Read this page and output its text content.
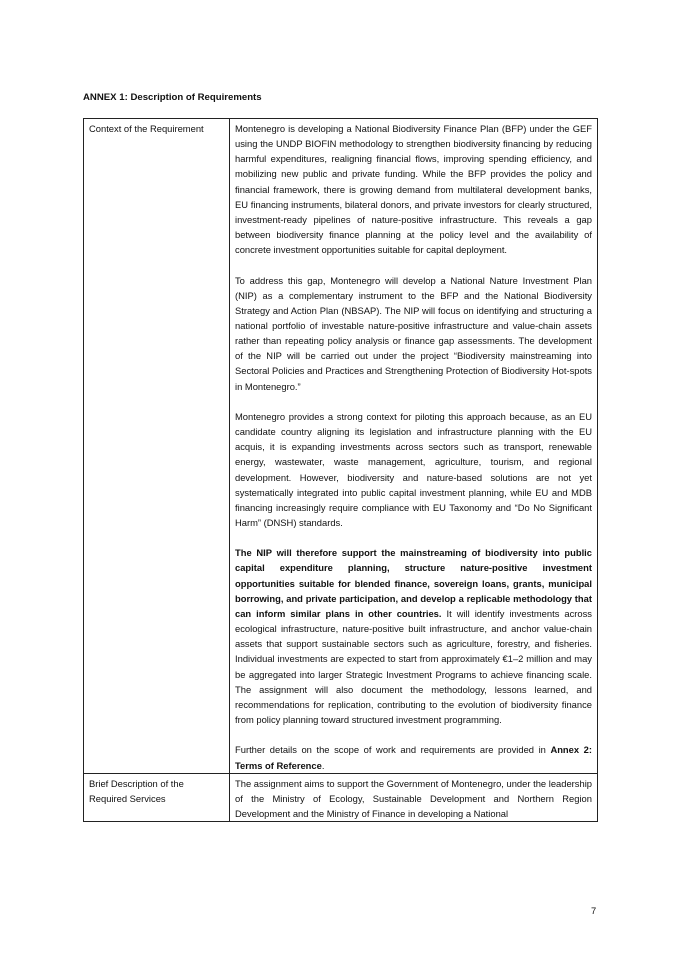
ANNEX 1: Description of Requirements
Context of the Requirement	Montenegro is developing a National Biodiversity Finance Plan (BFP) under the GEF using the UNDP BIOFIN methodology to strengthen biodiversity financing by reducing harmful expenditures, realigning financial flows, improving spending efficiency, and mobilizing new public and private funding. While the BFP provides the policy and financial framework, there is growing demand from multilateral development banks, EU financing instruments, bilateral donors, and private investors for clearly structured, investment-ready pipelines of nature-positive infrastructure. This reveals a gap between biodiversity finance planning at the policy level and the availability of concrete investment opportunities suitable for capital deployment.

To address this gap, Montenegro will develop a National Nature Investment Plan (NIP) as a complementary instrument to the BFP and the National Biodiversity Strategy and Action Plan (NBSAP). The NIP will focus on identifying and structuring a national portfolio of investable nature-positive infrastructure and value-chain assets rather than repeating policy analysis or finance gap assessments. The development of the NIP will be carried out under the project “Biodiversity mainstreaming into Sectoral Policies and Practices and Strengthening Protection of Biodiversity Hot-spots in Montenegro.”

Montenegro provides a strong context for piloting this approach because, as an EU candidate country aligning its legislation and infrastructure planning with the EU acquis, it is expanding investments across sectors such as transport, renewable energy, wastewater, waste management, agriculture, tourism, and regional development. However, biodiversity and nature-based solutions are not yet systematically integrated into public capital investment planning, while EU and MDB financing increasingly require compliance with EU Taxonomy and “Do No Significant Harm” (DNSH) standards.

The NIP will therefore support the mainstreaming of biodiversity into public capital expenditure planning, structure nature-positive investment opportunities suitable for blended finance, sovereign loans, grants, municipal borrowing, and private participation, and develop a replicable methodology that can inform similar plans in other countries. It will identify investments across ecological infrastructure, nature-positive built infrastructure, and anchor value-chain assets that support sustainable sectors such as agriculture, forestry, and fisheries. Individual investments are expected to start from approximately €1–2 million and may be aggregated into larger Strategic Investment Programs to achieve financing scale. The assignment will also document the methodology, lessons learned, and recommendations for replication, contributing to the evolution of biodiversity finance from policy planning toward structured investment programming.

Further details on the scope of work and requirements are provided in Annex 2: Terms of Reference.

Brief Description of the Required Services	The assignment aims to support the Government of Montenegro, under the leadership of the Ministry of Ecology, Sustainable Development and Northern Region Development and the Ministry of Finance in developing a National

7
